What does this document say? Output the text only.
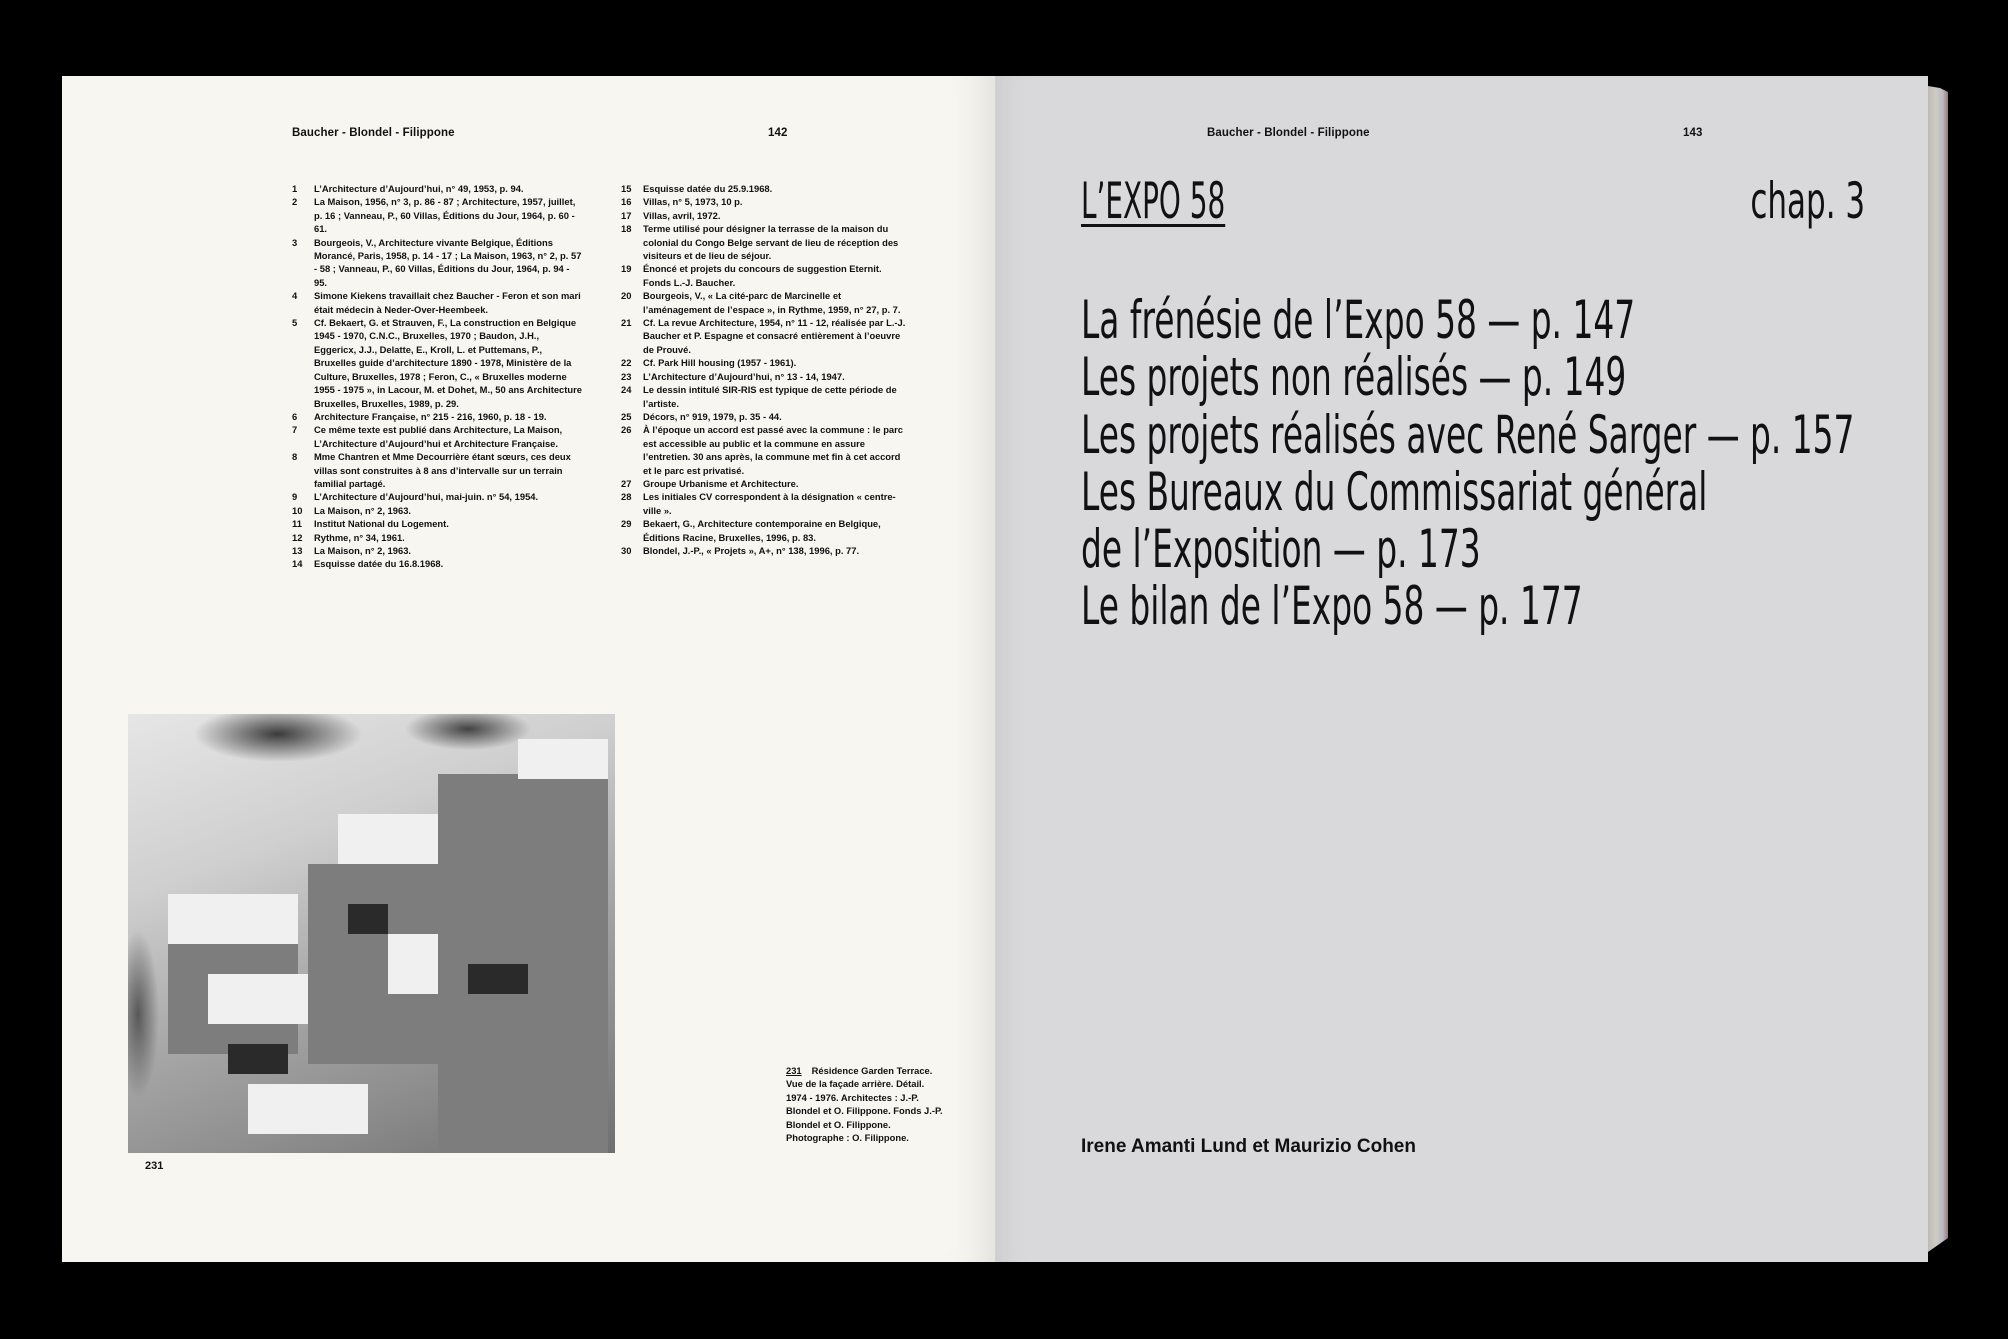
Baucher - Blondel - Filippone	142
1	L’Architecture d’Aujourd’hui, n° 49, 1953, p. 94.
2	La Maison, 1956, n° 3, p. 86 - 87 ; Architecture, 1957, juillet, p. 16 ; Vanneau, P., 60 Villas, Éditions du Jour, 1964, p. 60 - 61.
3	Bourgeois, V., Architecture vivante Belgique, Éditions Morancé, Paris, 1958, p. 14 - 17 ; La Maison, 1963, n° 2, p. 57 - 58 ; Vanneau, P., 60 Villas, Éditions du Jour, 1964, p. 94 - 95.
4	Simone Kiekens travaillait chez Baucher - Feron et son mari était médecin à Neder-Over-Heembeek.
5	Cf. Bekaert, G. et Strauven, F., La construction en Belgique 1945 - 1970, C.N.C., Bruxelles, 1970 ; Baudon, J.H., Eggericx, J.J., Delatte, E., Kroll, L. et Puttemans, P., Bruxelles guide d’architecture 1890 - 1978, Ministère de la Culture, Bruxelles, 1978 ; Feron, C., « Bruxelles moderne 1955 - 1975 », in Lacour, M. et Dohet, M., 50 ans Architecture Bruxelles, Bruxelles, 1989, p. 29.
6	Architecture Française, n° 215 - 216, 1960, p. 18 - 19.
7	Ce même texte est publié dans Architecture, La Maison, L’Architecture d’Aujourd’hui et Architecture Française.
8	Mme Chantren et Mme Decourrière étant sœurs, ces deux villas sont construites à 8 ans d’intervalle sur un terrain familial partagé.
9	L’Architecture d’Aujourd’hui, mai-juin. n° 54, 1954.
10	La Maison, n° 2, 1963.
11	Institut National du Logement.
12	Rythme, n° 34, 1961.
13	La Maison, n° 2, 1963.
14	Esquisse datée du 16.8.1968.
15	Esquisse datée du 25.9.1968.
16	Villas, n° 5, 1973, 10 p.
17	Villas, avril, 1972.
18	Terme utilisé pour désigner la terrasse de la maison du colonial du Congo Belge servant de lieu de réception des visiteurs et de lieu de séjour.
19	Énoncé et projets du concours de suggestion Eternit. Fonds L.-J. Baucher.
20	Bourgeois, V., « La cité-parc de Marcinelle et l’aménagement de l’espace », in Rythme, 1959, n° 27, p. 7.
21	Cf. La revue Architecture, 1954, n° 11 - 12, réalisée par L.-J. Baucher et P. Espagne et consacré entièrement à l’oeuvre de Prouvé.
22	Cf. Park Hill housing (1957 - 1961).
23	L’Architecture d’Aujourd’hui, n° 13 - 14, 1947.
24	Le dessin intitulé SIR-RIS est typique de cette période de l’artiste.
25	Décors, n° 919, 1979, p. 35 - 44.
26	À l’époque un accord est passé avec la commune : le parc est accessible au public et la commune en assure l’entretien. 30 ans après, la commune met fin à cet accord et le parc est privatisé.
27	Groupe Urbanisme et Architecture.
28	Les initiales CV correspondent à la désignation « centre-ville ».
29	Bekaert, G., Architecture contemporaine en Belgique, Éditions Racine, Bruxelles, 1996, p. 83.
30	Blondel, J.-P., « Projets », A+, n° 138, 1996, p. 77.
231
231 Résidence Garden Terrace. Vue de la façade arrière. Détail. 1974 - 1976. Architectes : J.-P. Blondel et O. Filippone. Fonds J.-P. Blondel et O. Filippone. Photographe : O. Filippone.
Baucher - Blondel - Filippone	143
L’EXPO 58	chap. 3
La frénésie de l’Expo 58 — p. 147
Les projets non réalisés — p. 149
Les projets réalisés avec René Sarger — p. 157
Les Bureaux du Commissariat général
de l’Exposition — p. 173
Le bilan de l’Expo 58 — p. 177
Irene Amanti Lund et Maurizio Cohen
